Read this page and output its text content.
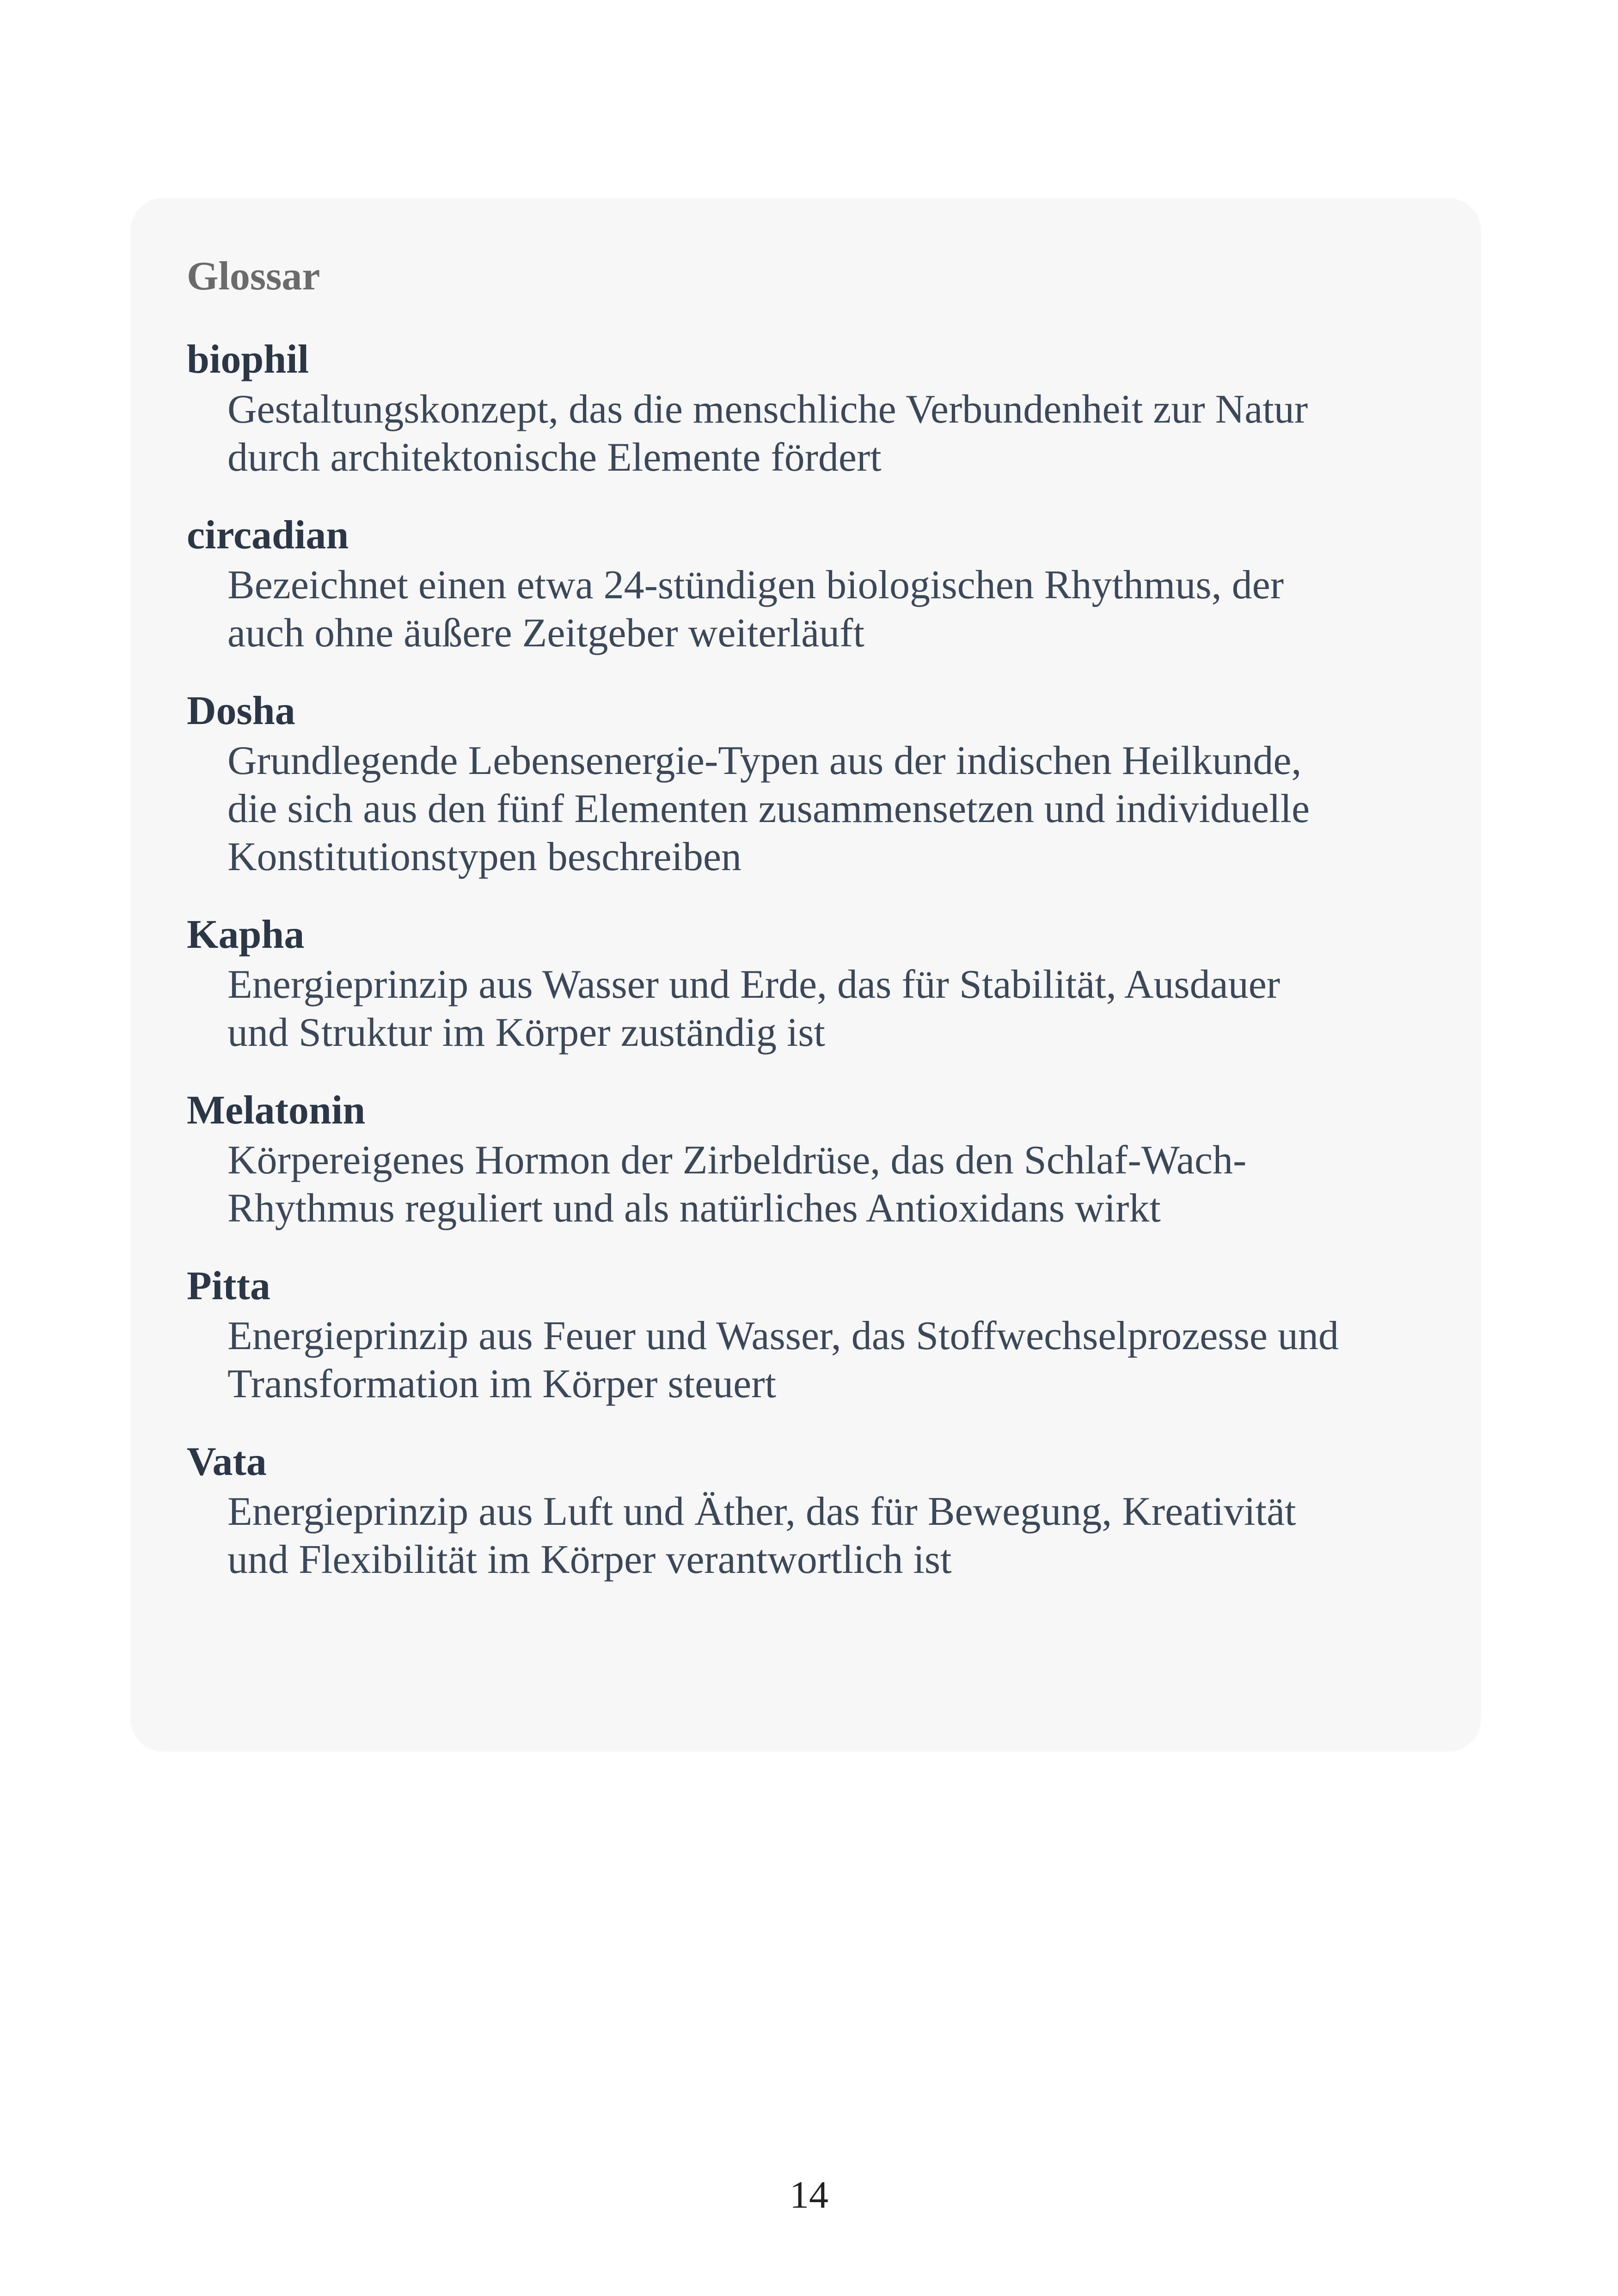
Glossar
biophil
Gestaltungskonzept, das die menschliche Verbundenheit zur Natur
durch architektonische Elemente fördert
circadian
Bezeichnet einen etwa 24-stündigen biologischen Rhythmus, der
auch ohne äußere Zeitgeber weiterläuft
Dosha
Grundlegende Lebensenergie-Typen aus der indischen Heilkunde,
die sich aus den fünf Elementen zusammensetzen und individuelle
Konstitutionstypen beschreiben
Kapha
Energieprinzip aus Wasser und Erde, das für Stabilität, Ausdauer
und Struktur im Körper zuständig ist
Melatonin
Körpereigenes Hormon der Zirbeldrüse, das den Schlaf-Wach-
Rhythmus reguliert und als natürliches Antioxidans wirkt
Pitta
Energieprinzip aus Feuer und Wasser, das Stoffwechselprozesse und
Transformation im Körper steuert
Vata
Energieprinzip aus Luft und Äther, das für Bewegung, Kreativität
und Flexibilität im Körper verantwortlich ist
14
